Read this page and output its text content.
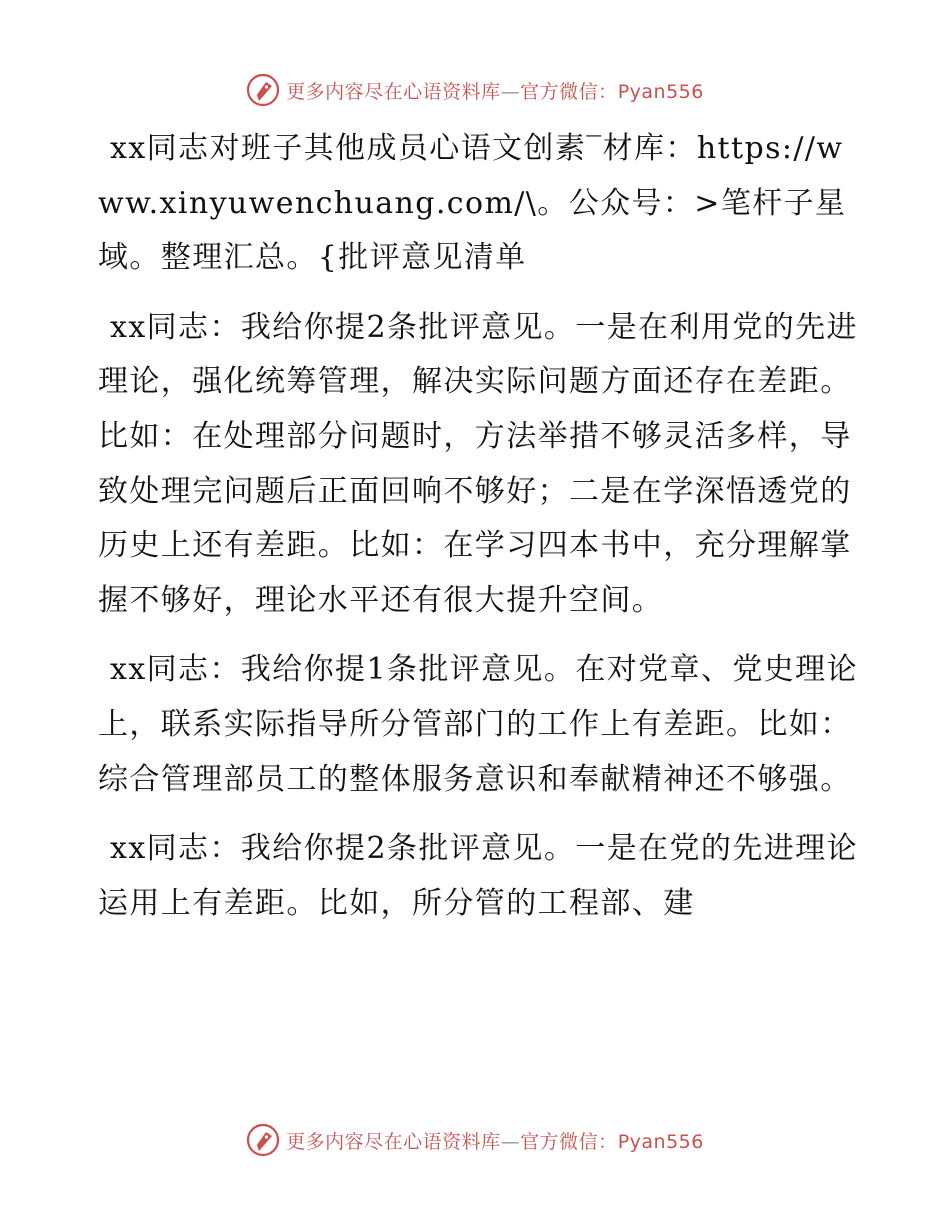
更多内容尽在心语资料库—官方微信：Pyan556

xx同志对班子其他成员心语文创素‾材库：https://www.xinyuwenchuang.com/\。公众号：>笔杆子星域。整理汇总。{批评意见清单

xx同志：我给你提2条批评意见。一是在利用党的先进理论，强化统筹管理，解决实际问题方面还存在差距。比如：在处理部分问题时，方法举措不够灵活多样，导致处理完问题后正面回响不够好；二是在学深悟透党的历史上还有差距。比如：在学习四本书中，充分理解掌握不够好，理论水平还有很大提升空间。

xx同志：我给你提1条批评意见。在对党章、党史理论上，联系实际指导所分管部门的工作上有差距。比如：综合管理部员工的整体服务意识和奉献精神还不够强。

xx同志：我给你提2条批评意见。一是在党的先进理论运用上有差距。比如，所分管的工程部、建

更多内容尽在心语资料库—官方微信：Pyan556
